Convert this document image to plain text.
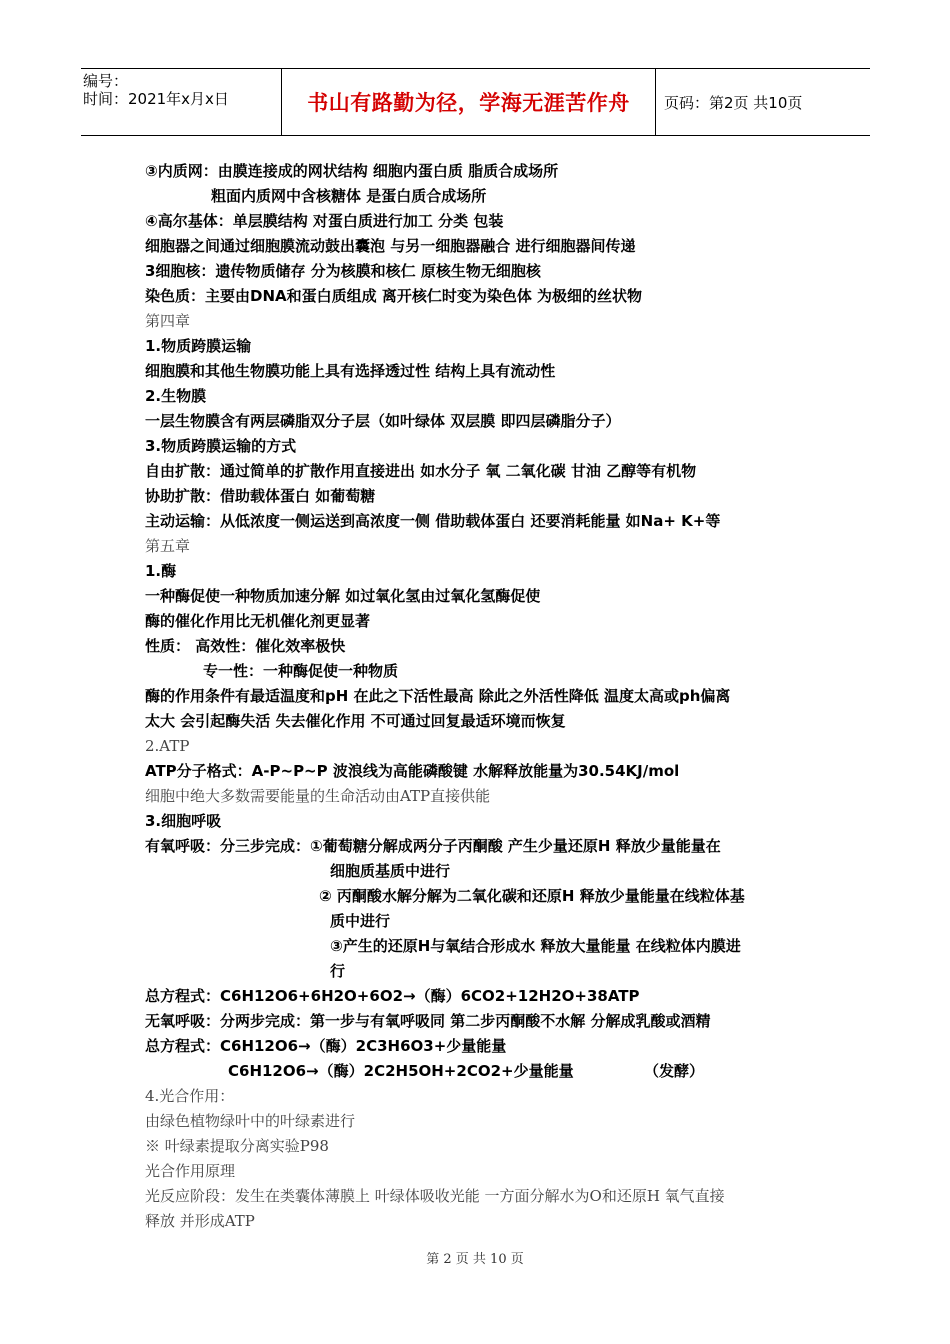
编号：
时间：2021年x月x日	书山有路勤为径，学海无涯苦作舟	页码：第2页 共10页
③内质网：由膜连接成的网状结构 细胞内蛋白质 脂质合成场所
粗面内质网中含核糖体 是蛋白质合成场所
④高尔基体：单层膜结构 对蛋白质进行加工 分类 包装
细胞器之间通过细胞膜流动鼓出囊泡 与另一细胞器融合 进行细胞器间传递
3细胞核：遗传物质储存 分为核膜和核仁 原核生物无细胞核
染色质：主要由DNA和蛋白质组成 离开核仁时变为染色体 为极细的丝状物
第四章
1.物质跨膜运输
细胞膜和其他生物膜功能上具有选择透过性 结构上具有流动性
2.生物膜
一层生物膜含有两层磷脂双分子层（如叶绿体 双层膜 即四层磷脂分子）
3.物质跨膜运输的方式
自由扩散：通过简单的扩散作用直接进出 如水分子 氧 二氧化碳 甘油 乙醇等有机物
协助扩散：借助载体蛋白 如葡萄糖
主动运输：从低浓度一侧运送到高浓度一侧 借助载体蛋白 还要消耗能量 如Na+ K+等
第五章
1.酶
一种酶促使一种物质加速分解 如过氧化氢由过氧化氢酶促使
酶的催化作用比无机催化剂更显著
性质： 高效性：催化效率极快
专一性：一种酶促使一种物质
酶的作用条件有最适温度和pH 在此之下活性最高 除此之外活性降低 温度太高或ph偏离
太大 会引起酶失活 失去催化作用 不可通过回复最适环境而恢复
2.ATP
ATP分子格式：A-P~P~P 波浪线为高能磷酸键 水解释放能量为30.54KJ/mol
细胞中绝大多数需要能量的生命活动由ATP直接供能
3.细胞呼吸
有氧呼吸：分三步完成：①葡萄糖分解成两分子丙酮酸 产生少量还原H 释放少量能量在
细胞质基质中进行
② 丙酮酸水解分解为二氧化碳和还原H 释放少量能量在线粒体基
质中进行
③产生的还原H与氧结合形成水 释放大量能量 在线粒体内膜进
行
总方程式：C6H12O6+6H2O+6O2→（酶）6CO2+12H2O+38ATP
无氧呼吸：分两步完成：第一步与有氧呼吸同 第二步丙酮酸不水解 分解成乳酸或酒精
总方程式：C6H12O6→（酶）2C3H6O3+少量能量
C6H12O6→（酶）2C2H5OH+2CO2+少量能量	（发酵）
4.光合作用：
由绿色植物绿叶中的叶绿素进行
※ 叶绿素提取分离实验P98
光合作用原理
光反应阶段：发生在类囊体薄膜上 叶绿体吸收光能 一方面分解水为O和还原H 氧气直接
释放 并形成ATP
第 2 页 共 10 页
